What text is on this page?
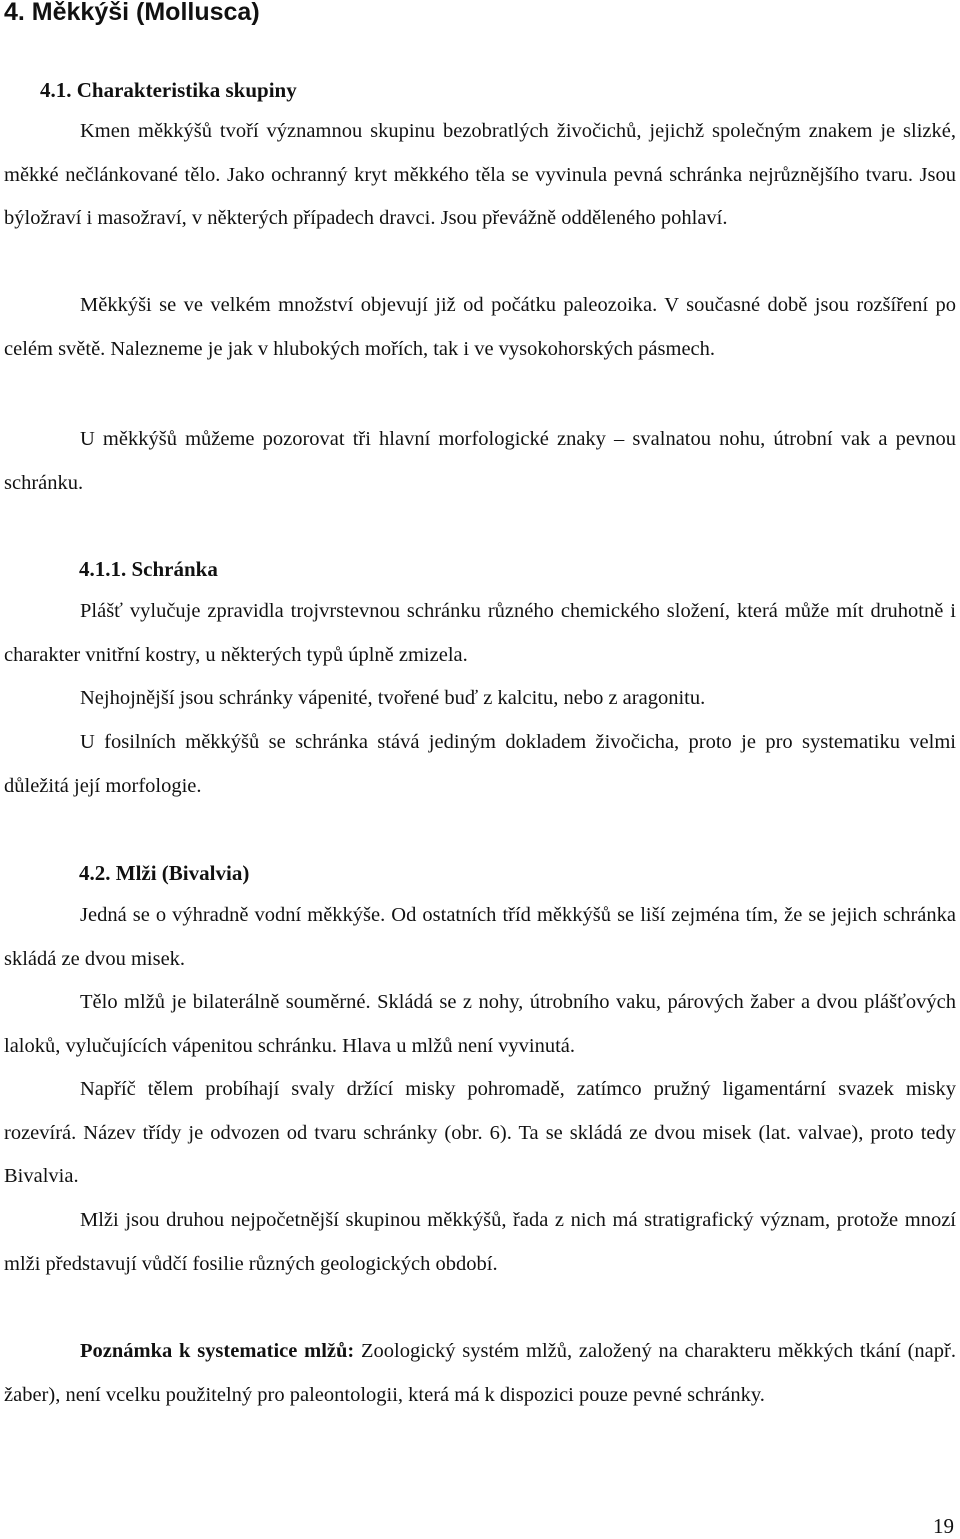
4. Měkkýši (Mollusca)
4.1. Charakteristika skupiny

Kmen měkkýšů tvoří významnou skupinu bezobratlých živočichů, jejichž společným znakem je slizké, měkké nečlánkované tělo. Jako ochranný kryt měkkého těla se vyvinula pevná schránka nejrůznějšího tvaru. Jsou býložraví i masožraví, v některých případech dravci. Jsou převážně odděleného pohlaví.

Měkkýši se ve velkém množství objevují již od počátku paleozoika. V současné době jsou rozšíření po celém světě. Nalezneme je jak v hlubokých mořích, tak i ve vysokohorských pásmech.

U měkkýšů můžeme pozorovat tři hlavní morfologické znaky – svalnatou nohu, útrobní vak a pevnou schránku.

4.1.1. Schránka

Plášť vylučuje zpravidla trojvrstevnou schránku různého chemického složení, která může mít druhotně i charakter vnitřní kostry, u některých typů úplně zmizela.

Nejhojnější jsou schránky vápenité, tvořené buď z kalcitu, nebo z aragonitu.

U fosilních měkkýšů se schránka stává jediným dokladem živočicha, proto je pro systematiku velmi důležitá její morfologie.

4.2. Mlži (Bivalvia)

Jedná se o výhradně vodní měkkýše. Od ostatních tříd měkkýšů se liší zejména tím, že se jejich schránka skládá ze dvou misek.

Tělo mlžů je bilaterálně souměrné. Skládá se z nohy, útrobního vaku, párových žaber a dvou plášťových laloků, vylučujících vápenitou schránku. Hlava u mlžů není vyvinutá.

Napříč tělem probíhají svaly držící misky pohromadě, zatímco pružný ligamentární svazek misky rozevírá. Název třídy je odvozen od tvaru schránky (obr. 6). Ta se skládá ze dvou misek (lat. valvae), proto tedy Bivalvia.

Mlži jsou druhou nejpočetnější skupinou měkkýšů, řada z nich má stratigrafický význam, protože mnozí mlži představují vůdčí fosilie různých geologických období.

Poznámka k systematice mlžů: Zoologický systém mlžů, založený na charakteru měkkých tkání (např. žaber), není vcelku použitelný pro paleontologii, která má k dispozici pouze pevné schránky.

19
